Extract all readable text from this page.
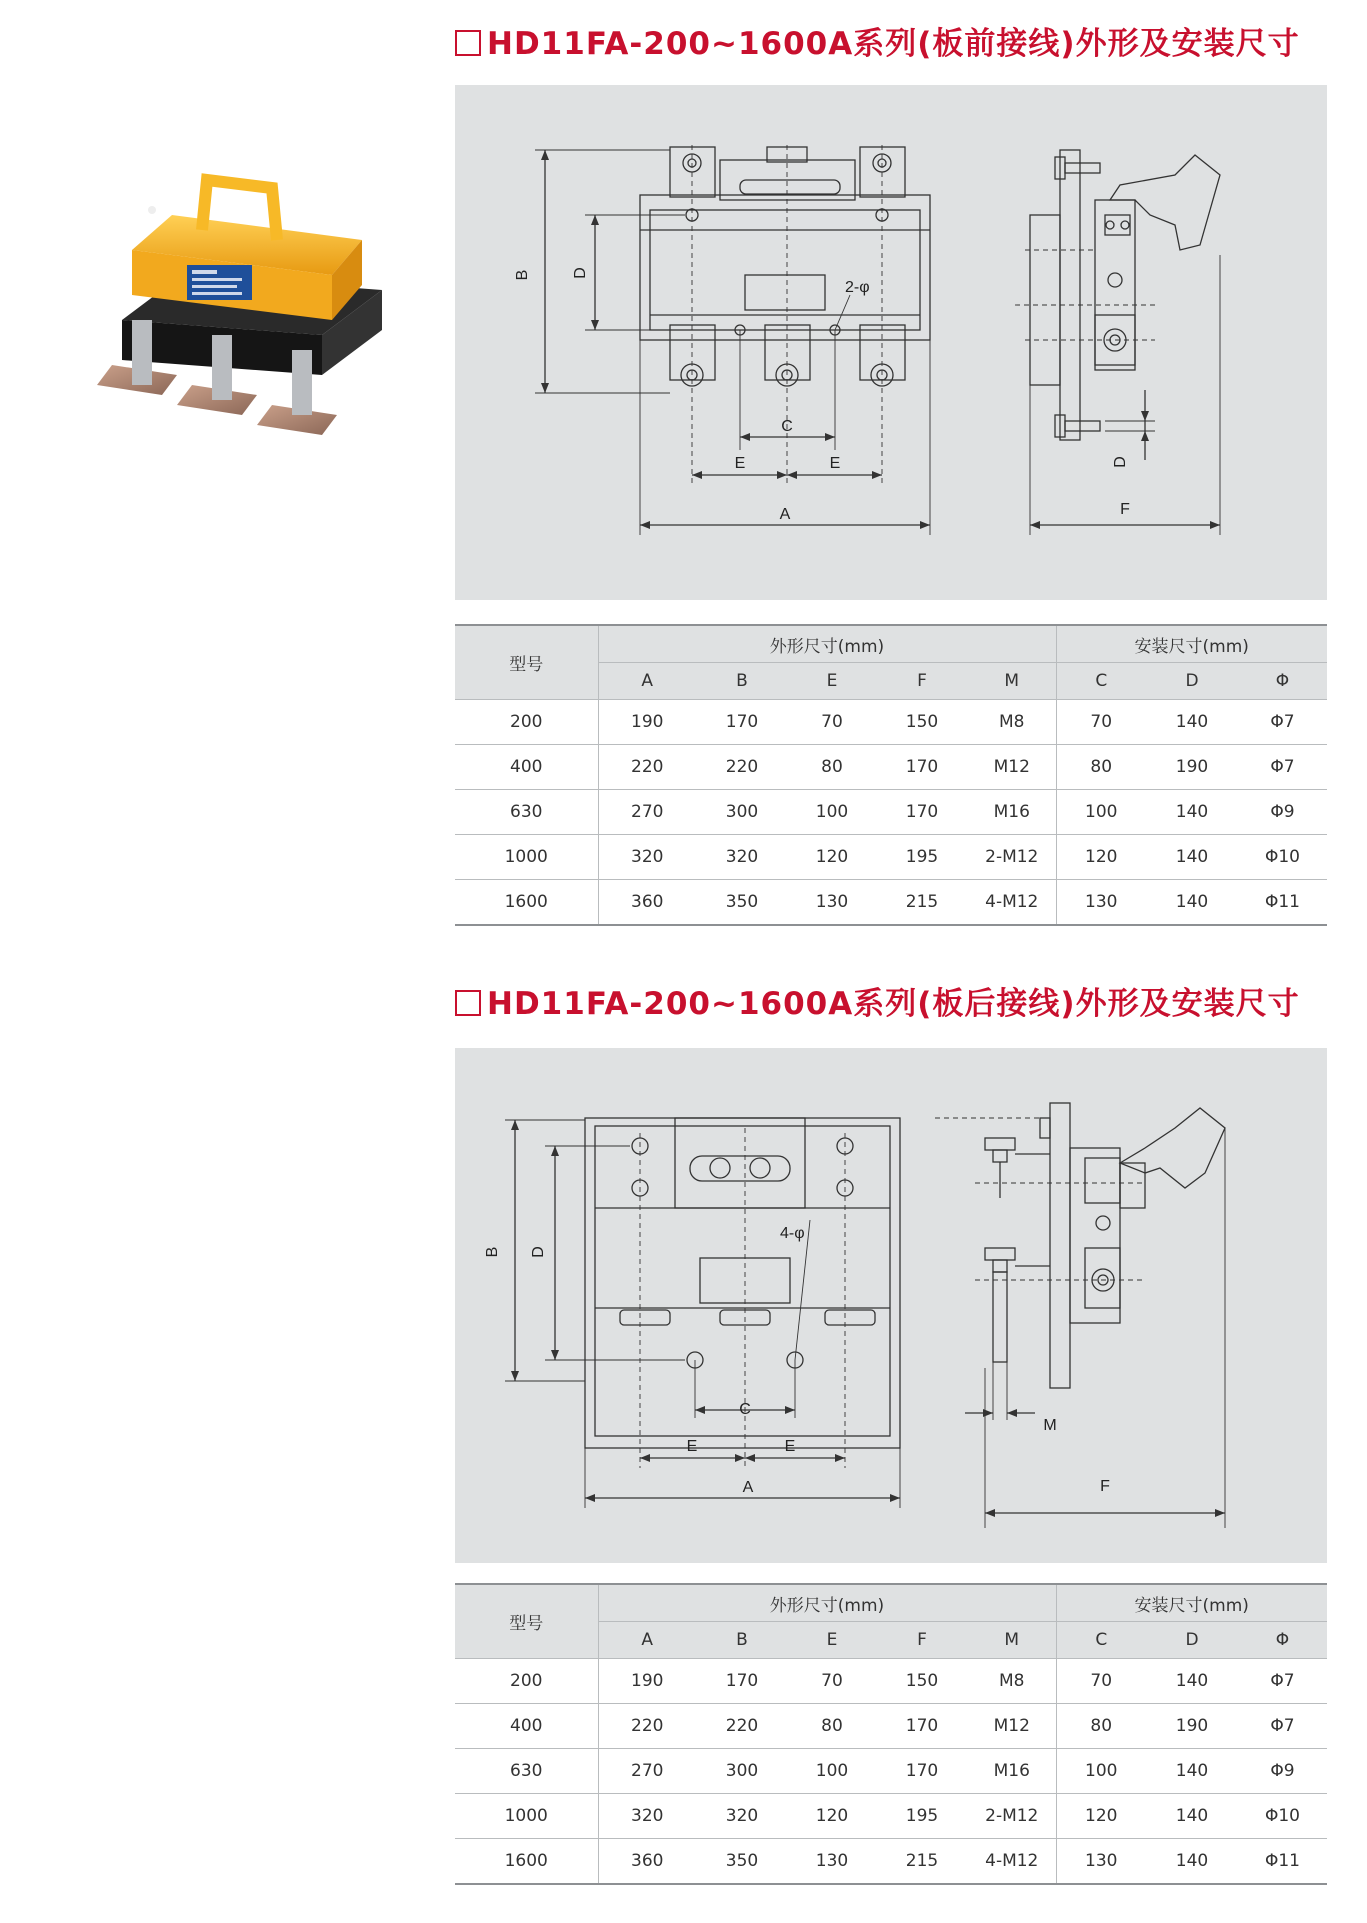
HD11FA-200~1600A系列(板前接线)外形及安装尺寸
B	D
C
E	E
A
2-φ
D
F
型号	外形尺寸(mm)					安装尺寸(mm)		
	A	B	E	F	M	C	D	Φ
200	190	170	70	150	M8	70	140	Φ7
400	220	220	80	170	M12	80	190	Φ7
630	270	300	100	170	M16	100	140	Φ9
1000	320	320	120	195	2-M12	120	140	Φ10
1600	360	350	130	215	4-M12	130	140	Φ11
HD11FA-200~1600A系列(板后接线)外形及安装尺寸
B D
C
E	E
A
4-φ
M
F
型号	外形尺寸(mm)					安装尺寸(mm)		
	A	B	E	F	M	C	D	Φ
200	190	170	70	150	M8	70	140	Φ7
400	220	220	80	170	M12	80	190	Φ7
630	270	300	100	170	M16	100	140	Φ9
1000	320	320	120	195	2-M12	120	140	Φ10
1600	360	350	130	215	4-M12	130	140	Φ11
